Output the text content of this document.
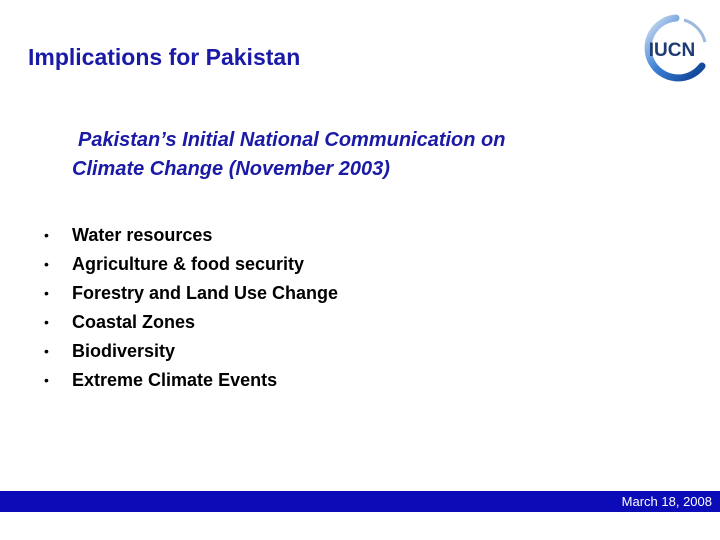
Implications for Pakistan	IUCN
Pakistan’s Initial National Communication on
Climate Change (November 2003)
• Water resources
• Agriculture & food security
• Forestry and Land Use Change
• Coastal Zones
• Biodiversity
• Extreme Climate Events
March 18, 2008
